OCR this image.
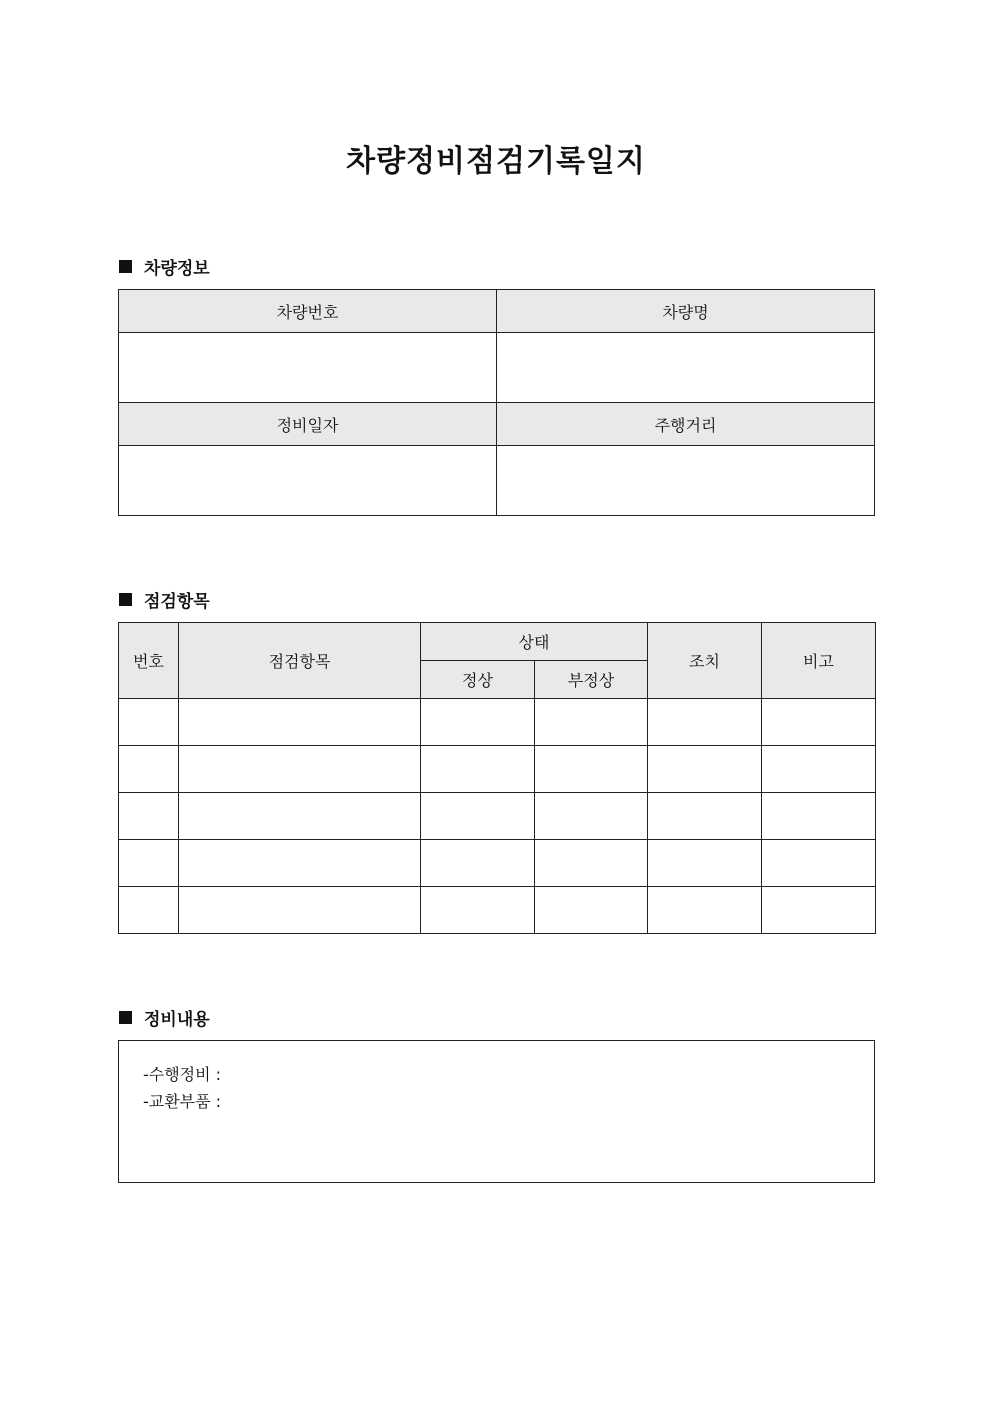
차량정비점검기록일지
차량정보
차량번호	차량명

정비일자	주행거리

점검항목
번호	점검항목	상태		조치	비고
		정상	부정상		

정비내용
-수행정비 :
-교환부품 :
